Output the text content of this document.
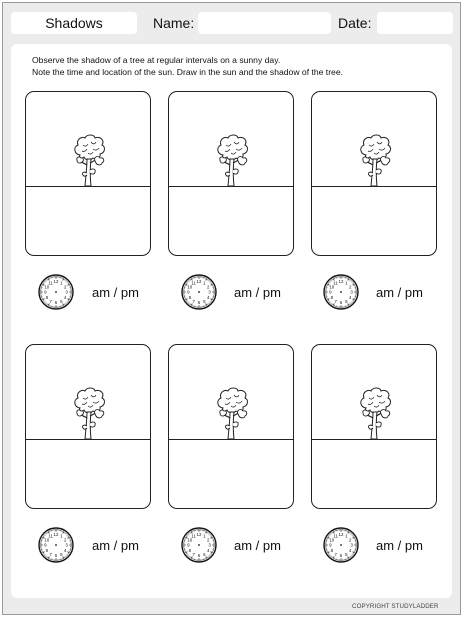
Shadows	Name:	Date:
Observe the shadow of a tree at regular intervals on a sunny day.
Note the time and location of the sun. Draw in the sun and the shadow of the tree.
12 1
2
3
4
5
6
7
8
9
10
11
am / pm
12 1
2
3
4
5
6
7
8
9
10
11
am / pm
12 1
2
3
4
5
6
7
8
9
10
11
am / pm
12 1
2
3
4
5
6
7
8
9
10
11
am / pm
12 1
2
3
4
5
6
7
8
9
10
11
am / pm
12 1
2
3
4
5
6
7
8
9
10
11
am / pm
COPYRIGHT STUDYLADDER
